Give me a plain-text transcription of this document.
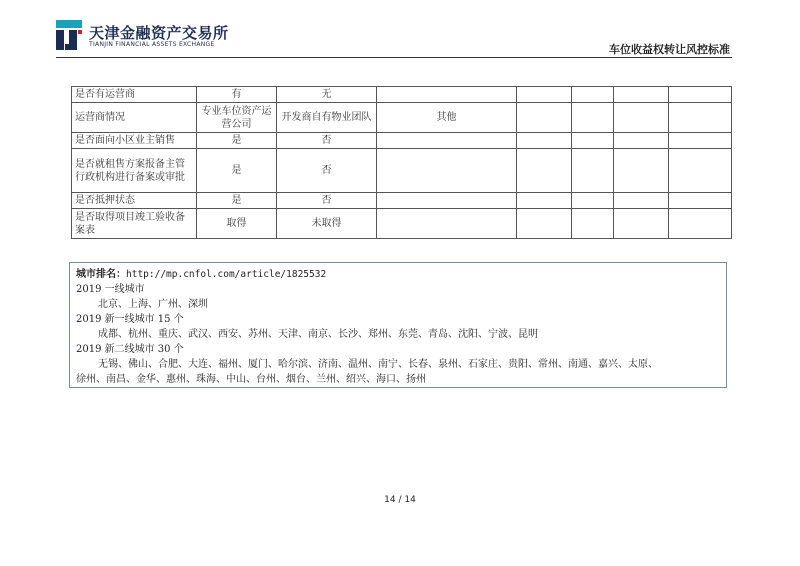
天津金融资产交易所
TIANJIN FINANCIAL ASSETS EXCHANGE	车位收益权转让风控标准
是否有运营商	有	无					
运营商情况	专业车位资产运营公司	开发商自有物业团队	其他				
是否面向小区业主销售	是	否					
是否就租售方案报备主管行政机构进行备案或审批	是	否					
是否抵押状态	是	否					
是否取得项目竣工验收备案表	取得	未取得					
城市排名：http://mp.cnfol.com/article/1825532
2019 一线城市
北京、上海、广州、深圳
2019 新一线城市 15 个
成都、杭州、重庆、武汉、西安、苏州、天津、南京、长沙、郑州、东莞、青岛、沈阳、宁波、昆明
2019 新二线城市 30 个
无锡、佛山、合肥、大连、福州、厦门、哈尔滨、济南、温州、南宁、长春、泉州、石家庄、贵阳、常州、南通、嘉兴、太原、
徐州、南昌、金华、惠州、珠海、中山、台州、烟台、兰州、绍兴、海口、扬州
14 / 14
